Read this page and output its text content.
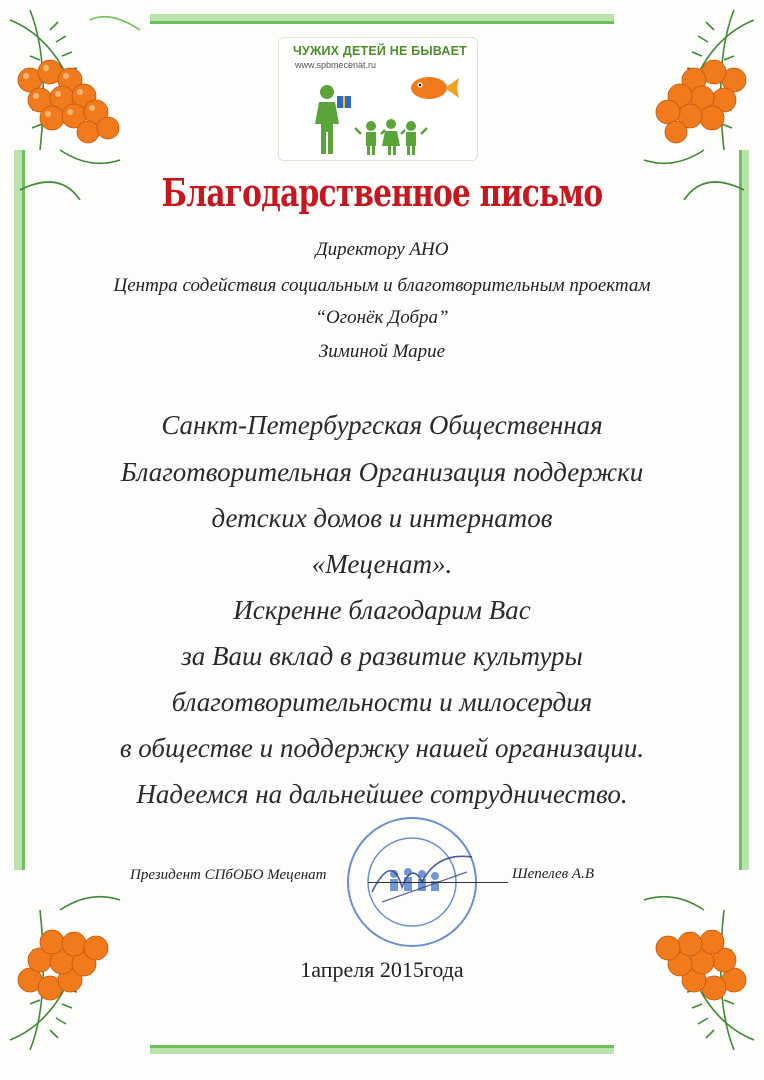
ЧУЖИХ ДЕТЕЙ НЕ БЫВАЕТ
www.spbmecenat.ru
Благодарственное письмо
Директору АНО
Центра содействия социальным и благотворительным проектам
“Огонёк Добра”
Зиминой Марие
Санкт-Петербургская Общественная
Благотворительная Организация поддержки
детских домов и интернатов
«Меценат».
Искренне благодарим Вас
за Ваш вклад в развитие культуры
благотворительности и милосердия
в обществе и поддержку нашей организации.
Надеемся на дальнейшее сотрудничество.
Президент СПбОБО Меценат	Шепелев А.В
1апреля 2015года
